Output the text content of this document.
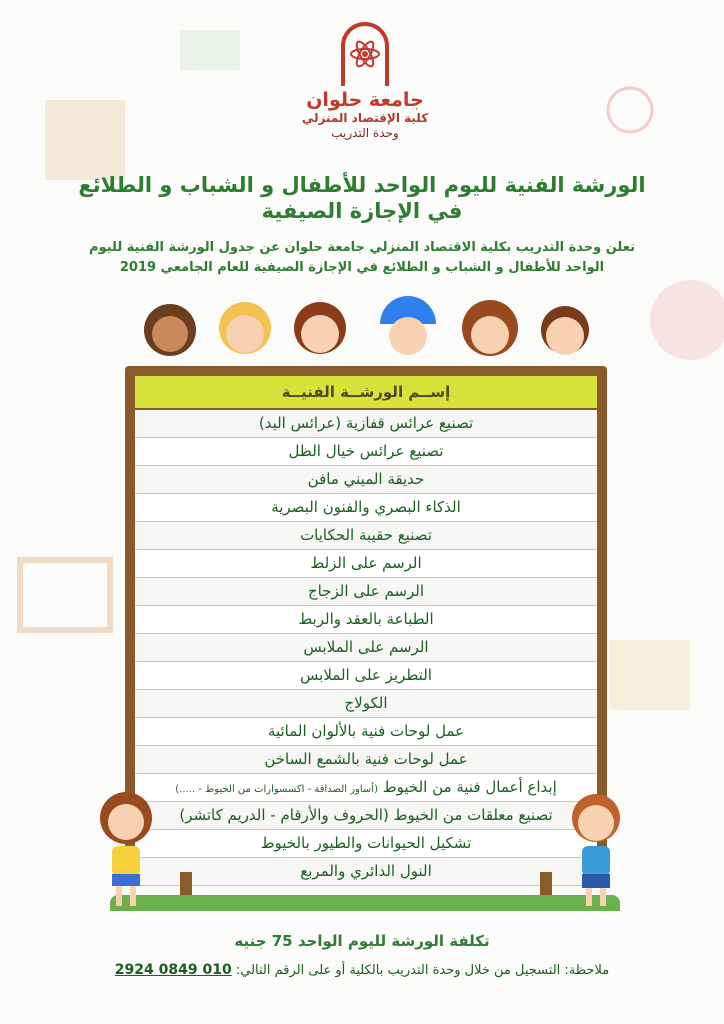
جامعة حلوان
كلية الإقتصاد المنزلي
وحدة التدريب
الورشة الفنية لليوم الواحد للأطفال و الشباب و الطلائع
في الإجازة الصيفية
تعلن وحدة التدريب بكلية الاقتصاد المنزلي جامعة حلوان عن جدول الورشة الفنية لليوم
الواحد للأطفال و الشباب و الطلائع في الإجازة الصيفية للعام الجامعي 2019
إســم الورشــة الفنيــة
تصنيع عرائس قفازية (عرائس اليد)
تصنيع عرائس خيال الظل
حديقة الميني مافن
الذكاء البصري والفنون البصرية
تصنيع حقيبة الحكايات
الرسم على الزلط
الرسم على الزجاج
الطباعة بالعقد والربط
الرسم على الملابس
التطريز على الملابس
الكولاج
عمل لوحات فنية بالألوان المائية
عمل لوحات فنية بالشمع الساخن
إبداع أعمال فنية من الخيوط (أساور الصداقة - اكسسوارات من الخيوط - .....)
تصنيع معلقات من الخيوط (الحروف والأرقام - الدريم كاتشر)
تشكيل الحيوانات والطيور بالخيوط
النول الدائري والمربع
تكلفة الورشة لليوم الواحد 75 جنيه
ملاحظة: التسجيل من خلال وحدة التدريب بالكلية أو على الرقم التالي: 010 0849 2924
